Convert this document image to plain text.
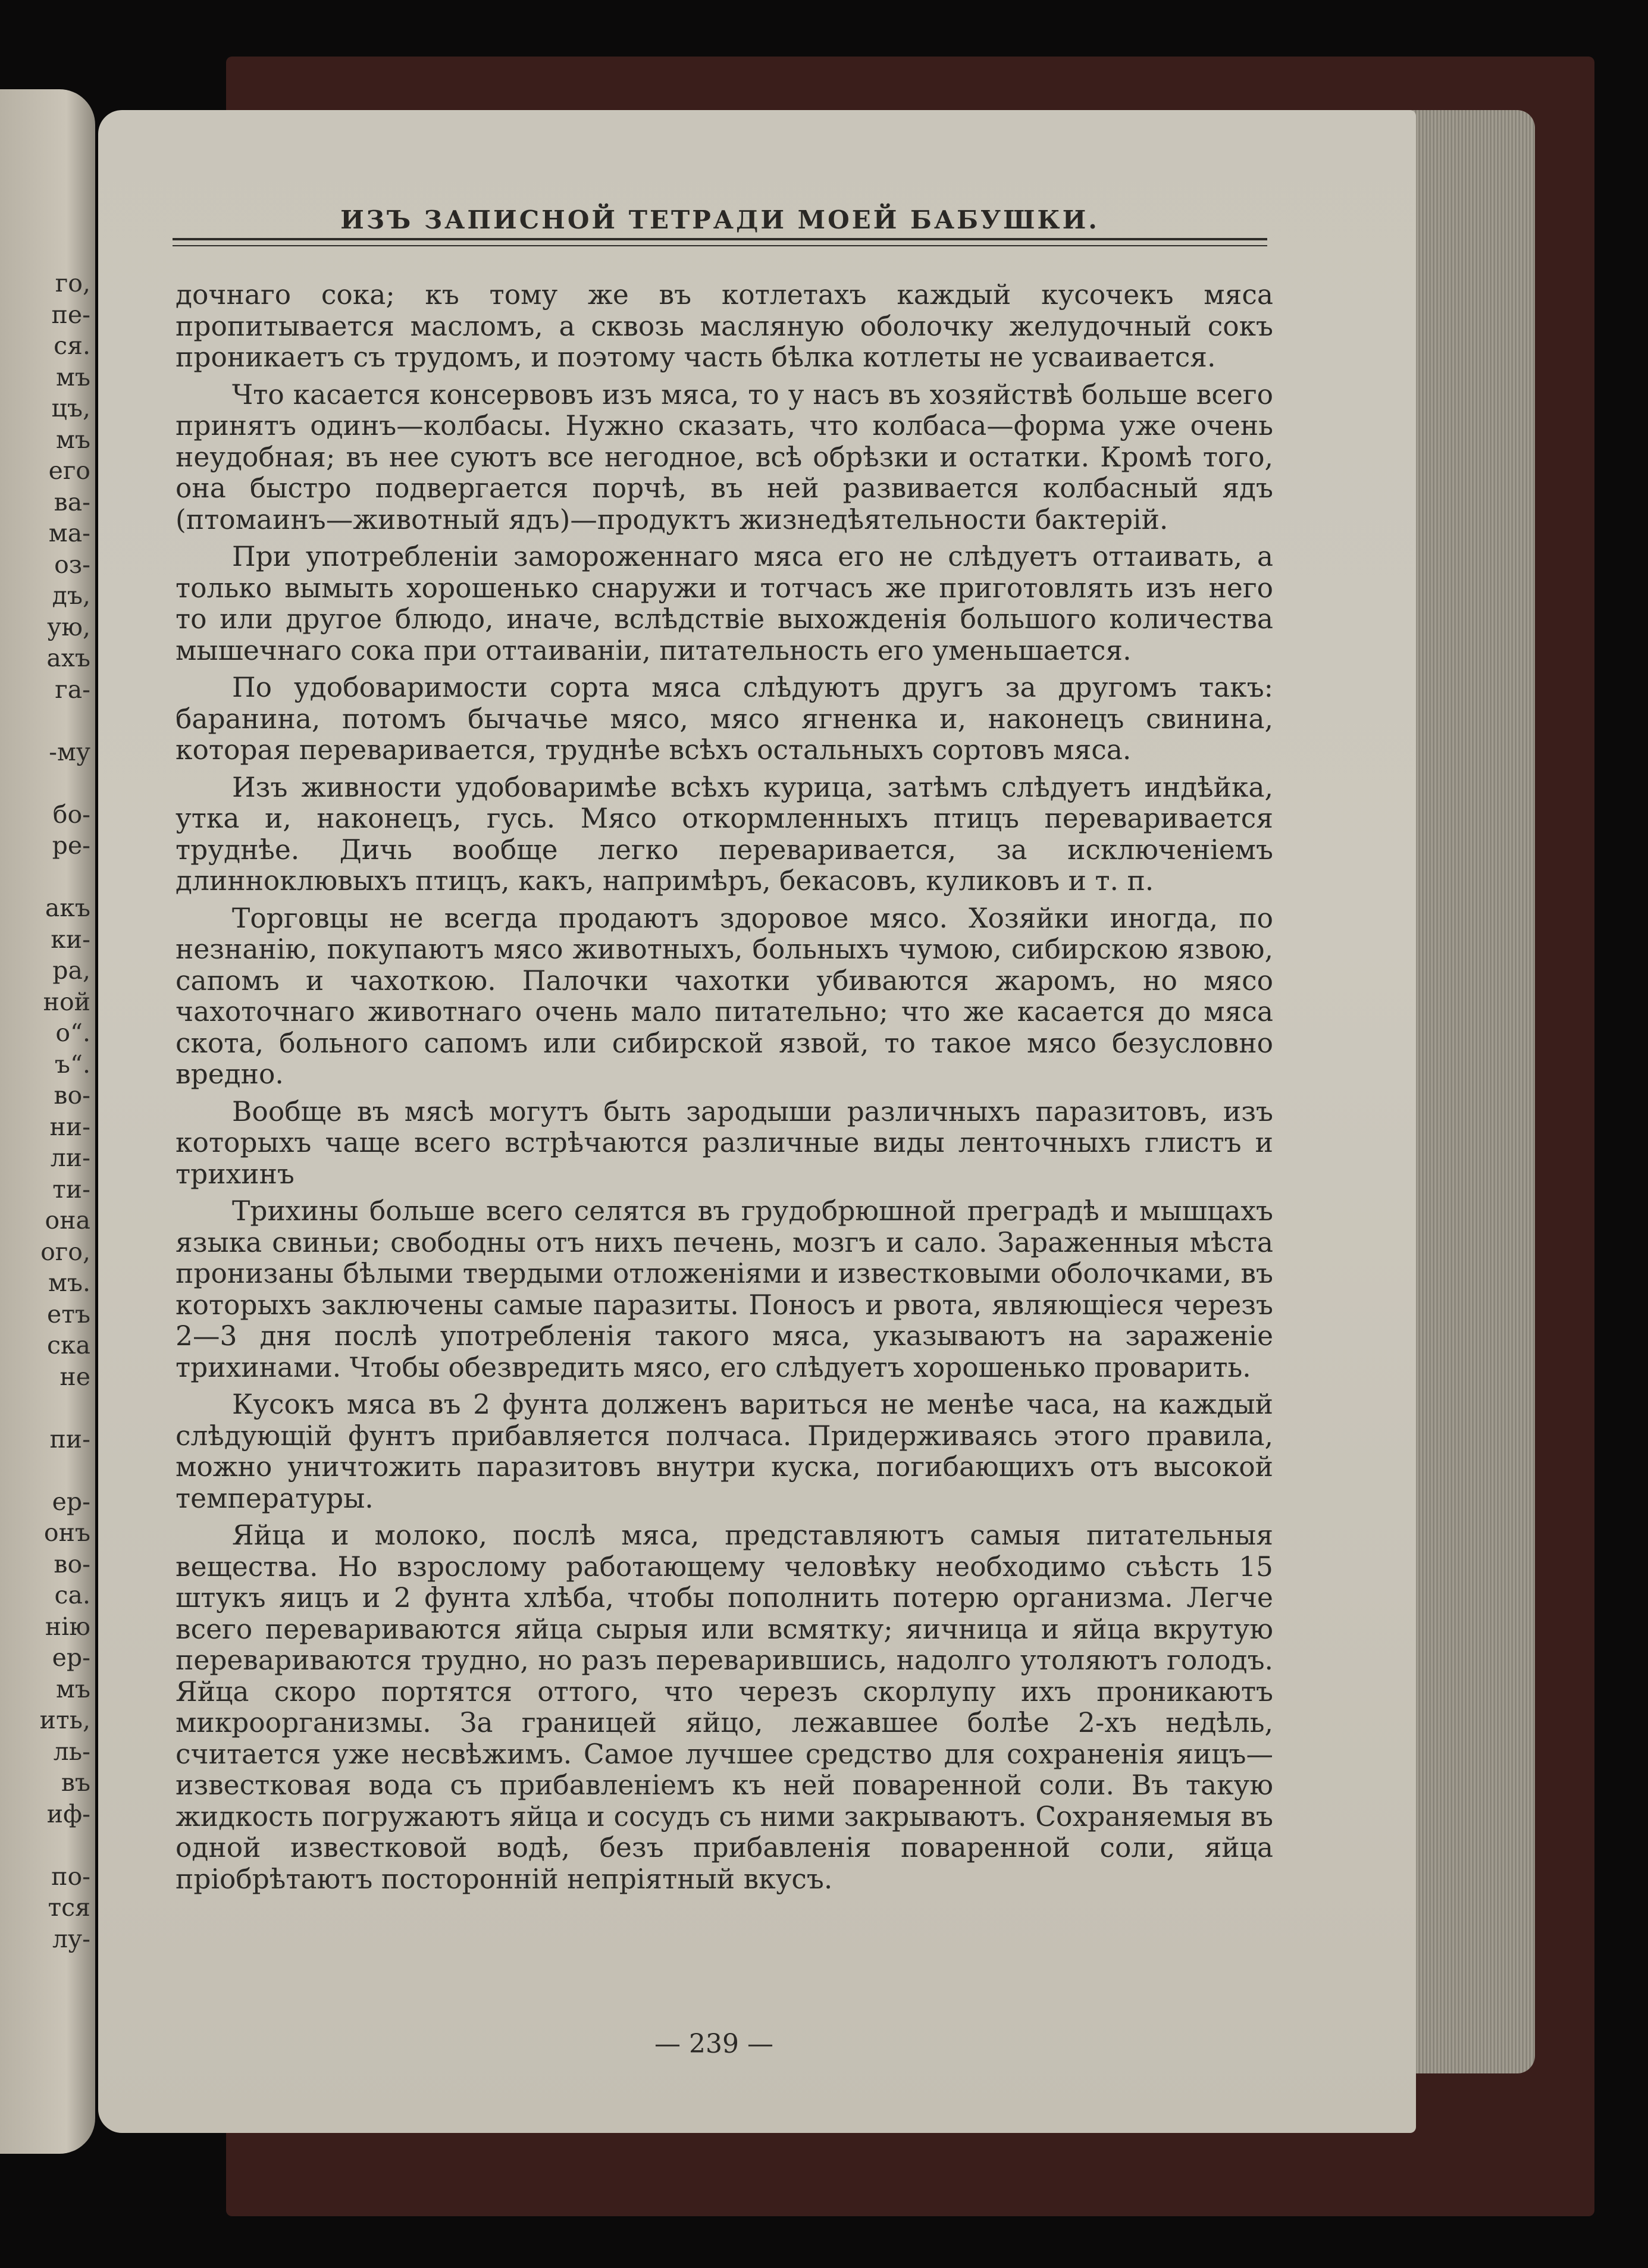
го,
пе-
ся.
мъ
цъ,
мъ
его
ва-
ма-
оз-
дъ,
ую,
ахъ
га-
-му
бо-
ре-
акъ
ки-
ра,
ной
о“.
ъ“.
во-
ни-
ли-
ти-
она
ого,
мъ.
етъ
ска
не
пи-
ер-
онъ
во-
са.
нію
ер-
мъ
ить,
ль-
въ
иф-
по-
тся
лу-
ИЗЪ ЗАПИСНОЙ ТЕТРАДИ МОЕЙ БАБУШКИ.

дочнаго сока; къ тому же въ котлетахъ каждый кусочекъ мяса пропитывается масломъ, а сквозь масляную оболочку желудочный сокъ проникаетъ съ трудомъ, и поэтому часть бѣлка котлеты не усваивается.

Что касается консервовъ изъ мяса, то у насъ въ хозяйствѣ больше всего принятъ одинъ—колбасы. Нужно сказать, что колбаса—форма уже очень неудобная; въ нее суютъ все негодное, всѣ обрѣзки и остатки. Кромѣ того, она быстро подвергается порчѣ, въ ней развивается колбасный ядъ (птомаинъ—животный ядъ)—продуктъ жизнедѣятельности бактерій.

При употребленіи замороженнаго мяса его не слѣдуетъ оттаивать, а только вымыть хорошенько снаружи и тотчасъ же приготовлять изъ него то или другое блюдо, иначе, вслѣдствіе выхожденія большого количества мышечнаго сока при оттаиваніи, питательность его уменьшается.

По удобоваримости сорта мяса слѣдуютъ другъ за другомъ такъ: баранина, потомъ бычачье мясо, мясо ягненка и, наконецъ свинина, которая переваривается, труднѣе всѣхъ остальныхъ сортовъ мяса.

Изъ живности удобоваримѣе всѣхъ курица, затѣмъ слѣдуетъ индѣйка, утка и, наконецъ, гусь. Мясо откормленныхъ птицъ переваривается труднѣе. Дичь вообще легко переваривается, за исключеніемъ длинноклювыхъ птицъ, какъ, напримѣръ, бекасовъ, куликовъ и т. п.

Торговцы не всегда продаютъ здоровое мясо. Хозяйки иногда, по незнанію, покупаютъ мясо животныхъ, больныхъ чумою, сибирскою язвою, сапомъ и чахоткою. Палочки чахотки убиваются жаромъ, но мясо чахоточнаго животнаго очень мало питательно; что же касается до мяса скота, больного сапомъ или сибирской язвой, то такое мясо безусловно вредно.

Вообще въ мясѣ могутъ быть зародыши различныхъ паразитовъ, изъ которыхъ чаще всего встрѣчаются различные виды ленточныхъ глистъ и трихинъ

Трихины больше всего селятся въ грудобрюшной преградѣ и мышцахъ языка свиньи; свободны отъ нихъ печень, мозгъ и сало. Зараженныя мѣста пронизаны бѣлыми твердыми отложеніями и известковыми оболочками, въ которыхъ заключены самые паразиты. Поносъ и рвота, являющіеся черезъ 2—3 дня послѣ употребленія такого мяса, указываютъ на зараженіе трихинами. Чтобы обезвредить мясо, его слѣдуетъ хорошенько проварить.

Кусокъ мяса въ 2 фунта долженъ вариться не менѣе часа, на каждый слѣдующій фунтъ прибавляется полчаса. Придерживаясь этого правила, можно уничтожить паразитовъ внутри куска, погибающихъ отъ высокой температуры.

Яйца и молоко, послѣ мяса, представляютъ самыя питательныя вещества. Но взрослому работающему человѣку необходимо съѣсть 15 штукъ яицъ и 2 фунта хлѣба, чтобы пополнить потерю организма. Легче всего перевариваются яйца сырыя или всмятку; яичница и яйца вкрутую перевариваются трудно, но разъ переварившись, надолго утоляютъ голодъ. Яйца скоро портятся оттого, что черезъ скорлупу ихъ проникаютъ микроорганизмы. За границей яйцо, лежавшее болѣе 2-хъ недѣль, считается уже несвѣжимъ. Самое лучшее средство для сохраненія яицъ—известковая вода съ прибавленіемъ къ ней поваренной соли. Въ такую жидкость погружаютъ яйца и сосудъ съ ними закрываютъ. Сохраняемыя въ одной известковой водѣ, безъ прибавленія поваренной соли, яйца пріобрѣтаютъ посторонній непріятный вкусъ.

— 239 —
